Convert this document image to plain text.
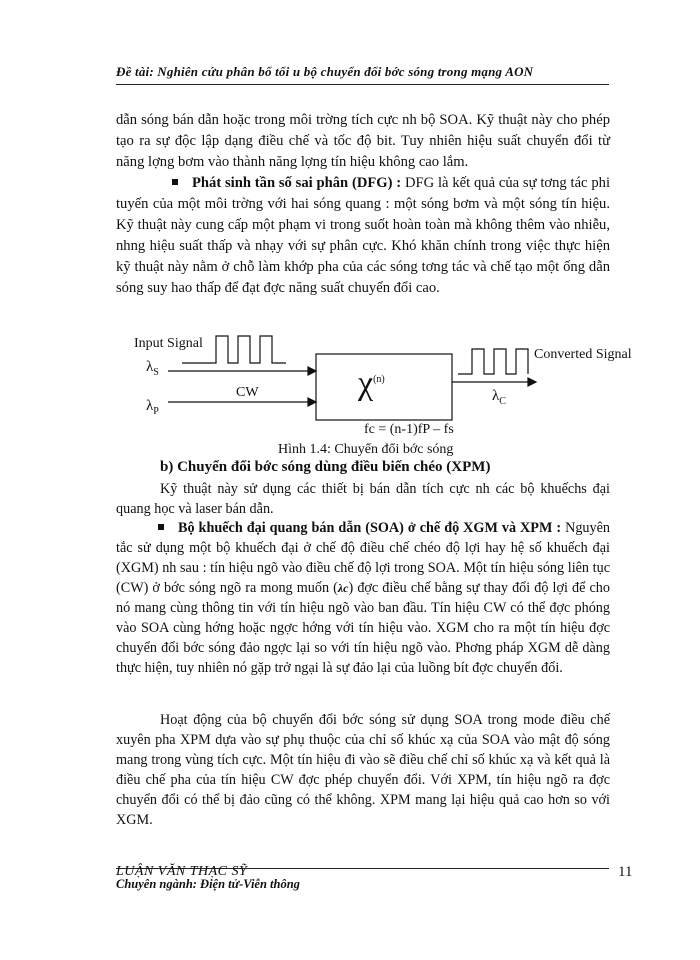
Đề tài: Nghiên cứu phân bổ tối u bộ chuyển đổi bớc sóng trong mạng AON
dẫn sóng bán dẫn hoặc trong môi trờng tích cực nh bộ SOA. Kỹ thuật này cho phép tạo ra sự độc lập dạng điều chế và tốc độ bit. Tuy nhiên hiệu suất chuyển đổi từ năng lợng bơm vào thành năng lợng tín hiệu không cao lắm.
Phát sinh tần số sai phân (DFG) : DFG là kết quả của sự tơng tác phi tuyến của một môi trờng với hai sóng quang : một sóng bơm và một sóng tín hiệu. Kỹ thuật này cung cấp một phạm vi trong suốt hoàn toàn mà không thêm vào nhiễu, nhng hiệu suất thấp và nhạy với sự phân cực. Khó khăn chính trong việc thực hiện kỹ thuật này nằm ở chỗ làm khớp pha của các sóng tơng tác và chế tạo một ống dẫn sóng suy hao thấp để đạt đợc năng suất chuyển đổi cao.
Input Signal
$\lambda_S$
$\lambda_P$
CW	$\chi^{(n)}$
Converted Signal
$\lambda_C$
fc = (n-1)fP – fs
Hình 1.4: Chuyển đổi bớc sóng
b) Chuyển đổi bớc sóng dùng điều biến chéo (XPM)
Kỹ thuật này sử dụng các thiết bị bán dẫn tích cực nh các bộ khuếchs đại quang học và laser bán dẫn.
Bộ khuếch đại quang bán dẫn (SOA) ở chế độ XGM và XPM : Nguyên tắc sử dụng một bộ khuếch đại ở chế độ điều chế chéo độ lợi hay hệ số khuếch đại (XGM) nh sau : tín hiệu ngõ vào điều chế độ lợi trong SOA. Một tín hiệu sóng liên tục (CW) ở bớc sóng ngõ ra mong muốn (λc) đợc điều chế bằng sự thay đổi độ lợi để cho nó mang cùng thông tin với tín hiệu ngõ vào ban đầu. Tín hiệu CW có thể đợc phóng vào SOA cùng hớng hoặc ngợc hớng với tín hiệu vào. XGM cho ra một tín hiệu đợc chuyển đổi bớc sóng đảo ngợc lại so với tín hiệu ngõ vào. Phơng pháp XGM dễ dàng thực hiện, tuy nhiên nó gặp trở ngại là sự đảo lại của luồng bít đợc chuyển đổi.
Hoạt động của bộ chuyển đổi bớc sóng sử dụng SOA trong mode điều chế xuyên pha XPM dựa vào sự phụ thuộc của chỉ số khúc xạ của SOA vào mật độ sóng mang trong vùng tích cực. Một tín hiệu đi vào sẽ điều chế chỉ số khúc xạ và kết quả là điều chế pha của tín hiệu CW đợc phép chuyển đổi. Với XPM, tín hiệu ngõ ra đợc chuyển đổi có thể bị đảo cũng có thể không. XPM mang lại hiệu quả cao hơn so với XGM.
LUẬN VĂN THẠC SỸ
Chuyên ngành: Điện tử-Viễn thông
11
